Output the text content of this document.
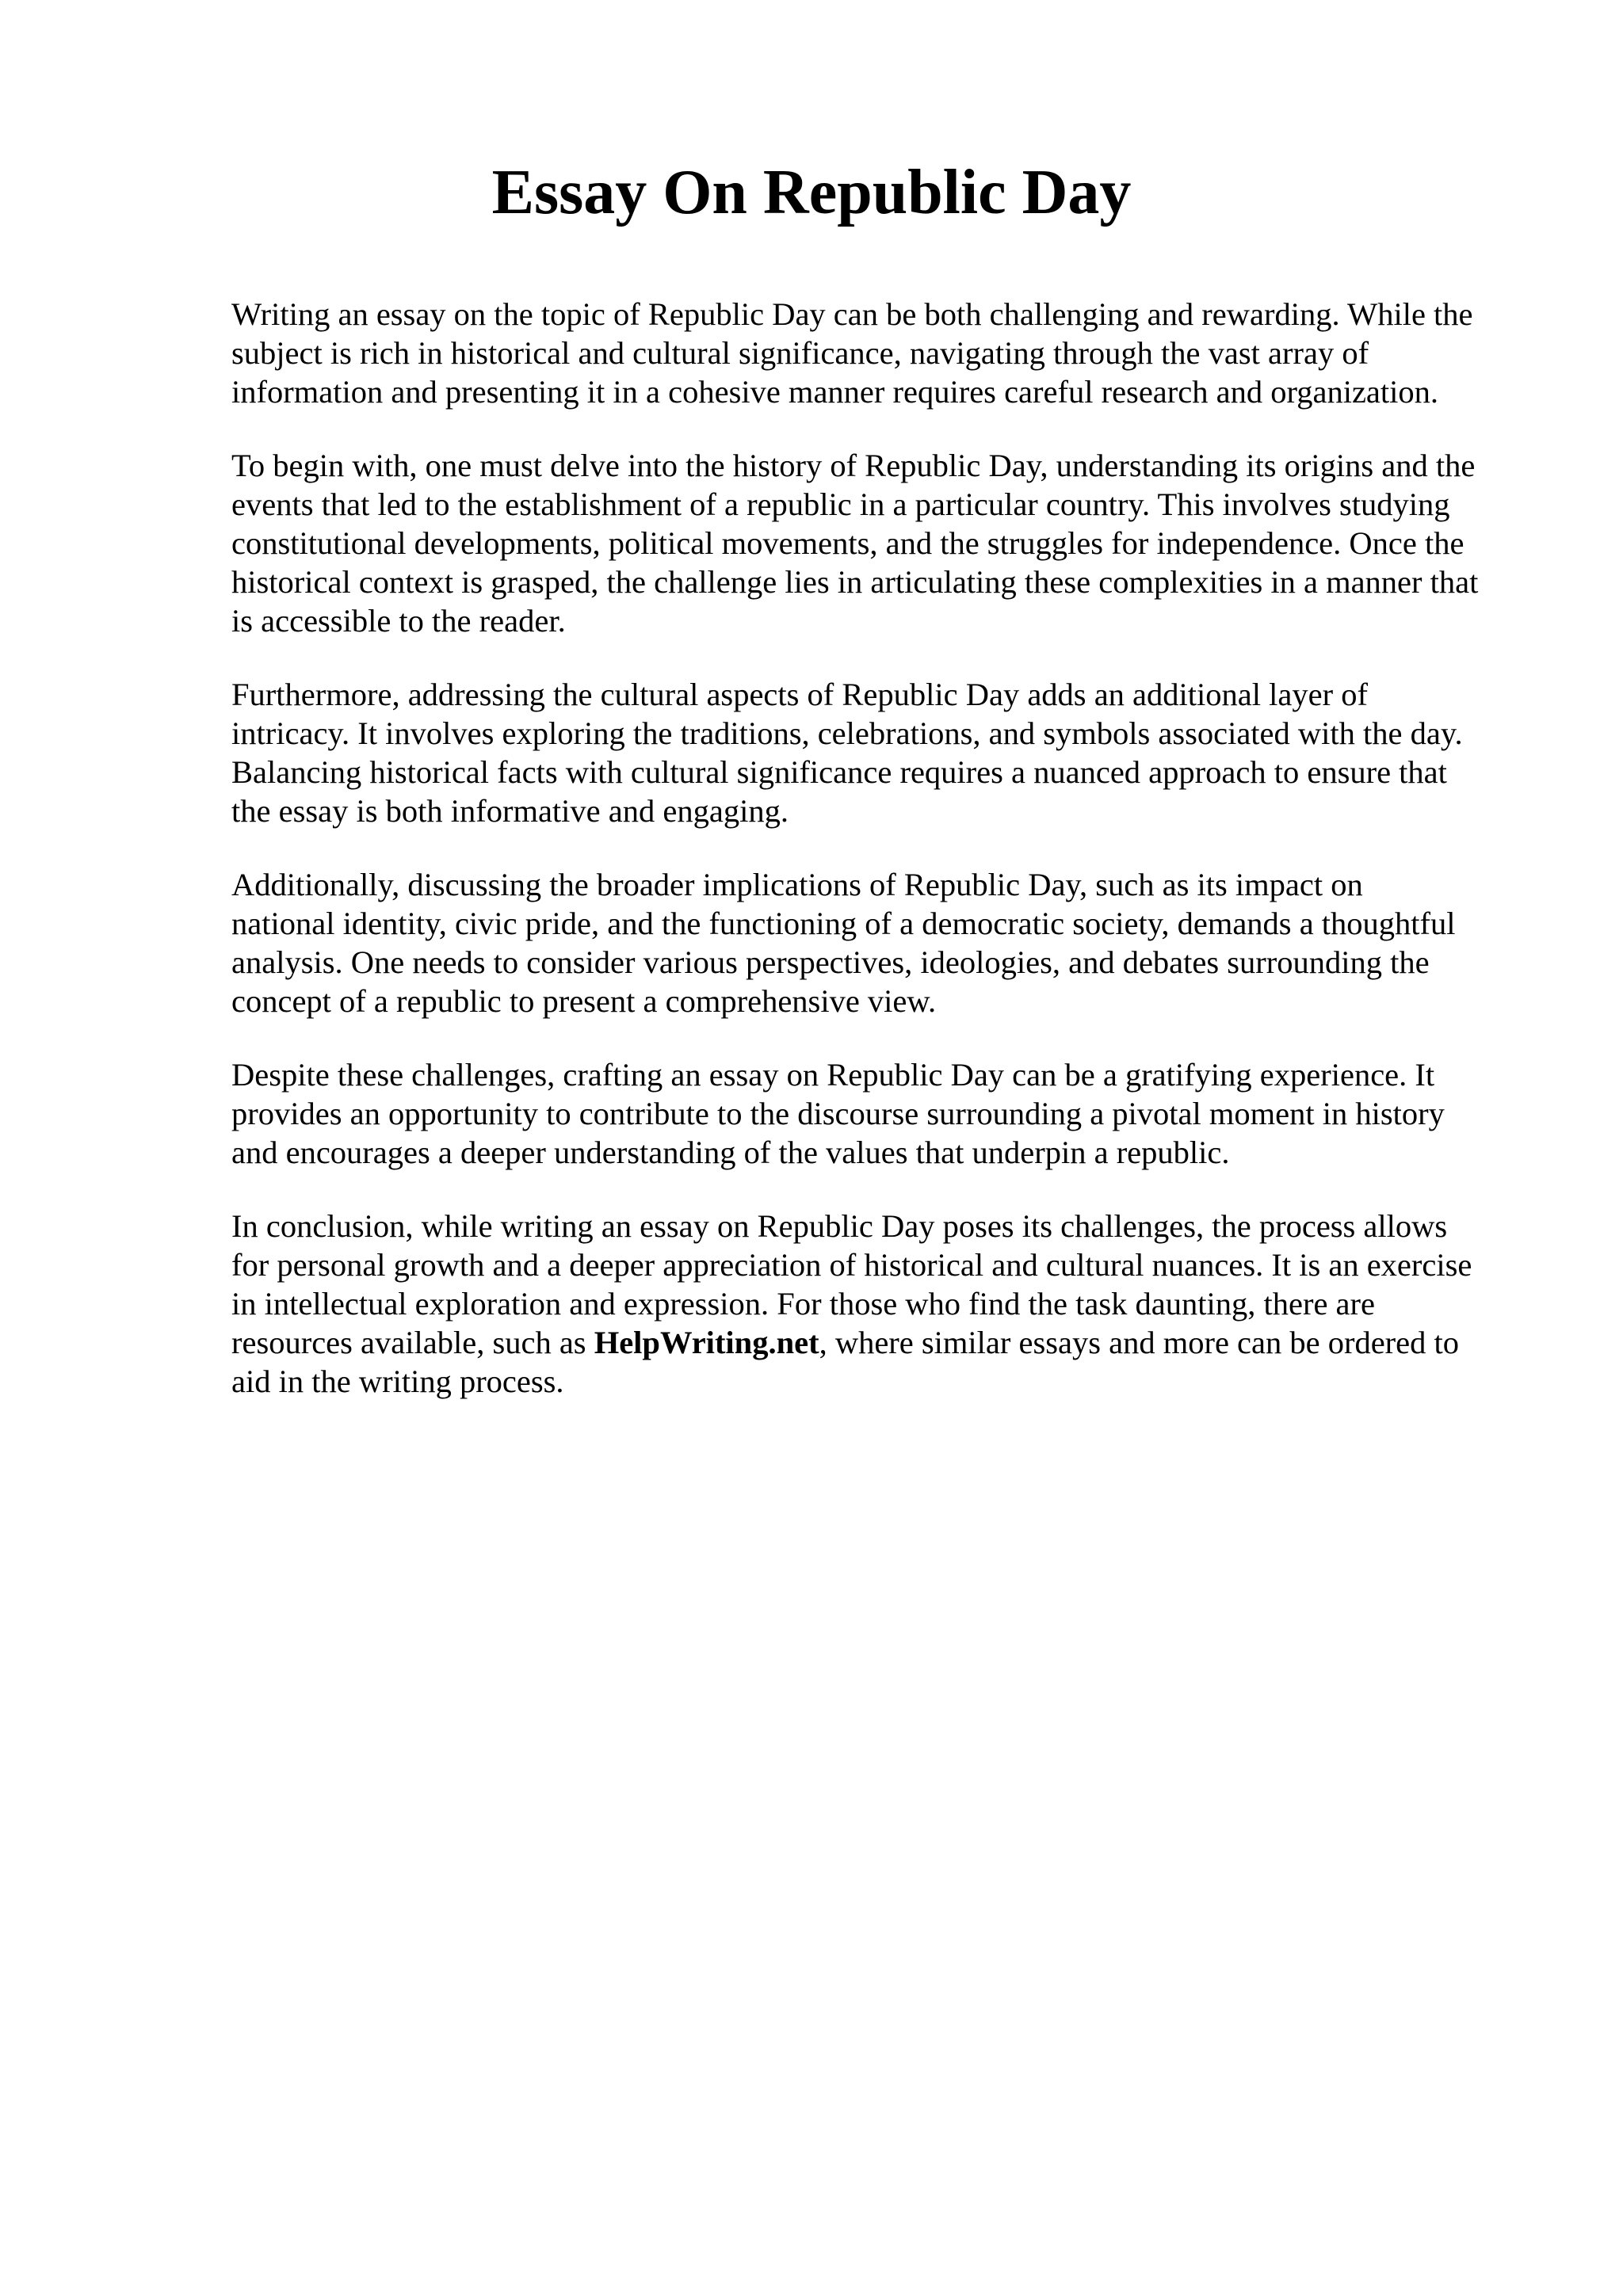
Essay On Republic Day

Writing an essay on the topic of Republic Day can be both challenging and rewarding. While the
subject is rich in historical and cultural significance, navigating through the vast array of
information and presenting it in a cohesive manner requires careful research and organization.

To begin with, one must delve into the history of Republic Day, understanding its origins and the
events that led to the establishment of a republic in a particular country. This involves studying
constitutional developments, political movements, and the struggles for independence. Once the
historical context is grasped, the challenge lies in articulating these complexities in a manner that
is accessible to the reader.

Furthermore, addressing the cultural aspects of Republic Day adds an additional layer of
intricacy. It involves exploring the traditions, celebrations, and symbols associated with the day.
Balancing historical facts with cultural significance requires a nuanced approach to ensure that
the essay is both informative and engaging.

Additionally, discussing the broader implications of Republic Day, such as its impact on
national identity, civic pride, and the functioning of a democratic society, demands a thoughtful
analysis. One needs to consider various perspectives, ideologies, and debates surrounding the
concept of a republic to present a comprehensive view.

Despite these challenges, crafting an essay on Republic Day can be a gratifying experience. It
provides an opportunity to contribute to the discourse surrounding a pivotal moment in history
and encourages a deeper understanding of the values that underpin a republic.

In conclusion, while writing an essay on Republic Day poses its challenges, the process allows
for personal growth and a deeper appreciation of historical and cultural nuances. It is an exercise
in intellectual exploration and expression. For those who find the task daunting, there are
resources available, such as HelpWriting.net, where similar essays and more can be ordered to
aid in the writing process.
